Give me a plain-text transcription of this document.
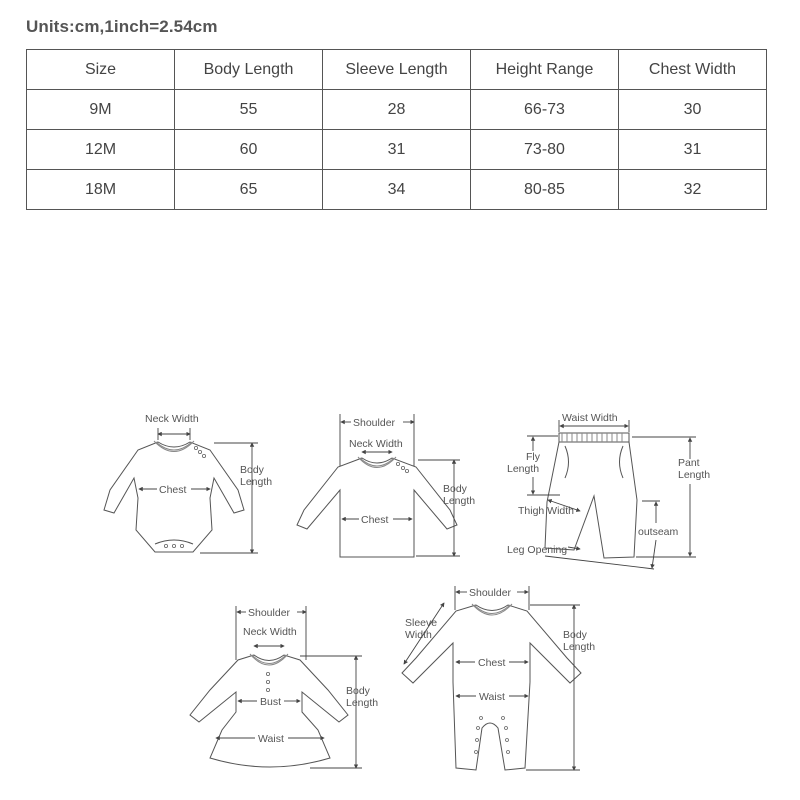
Units:cm,1inch=2.54cm
Size	Body Length	Sleeve Length	Height Range	Chest Width
9M	55	28	66-73	30
12M	60	31	73-80	31
18M	65	34	80-85	32
Neck Width
Chest
Body
Length
Shoulder
Neck Width
Chest
Body
Length
Waist Width
Fly
Length	Pant
Length
Thigh Width
outseam
Leg Opening
Shoulder
Neck Width
Bust
Waist
Body
Length
Shoulder
Sleeve
Width
Chest
Waist
Body
Length
